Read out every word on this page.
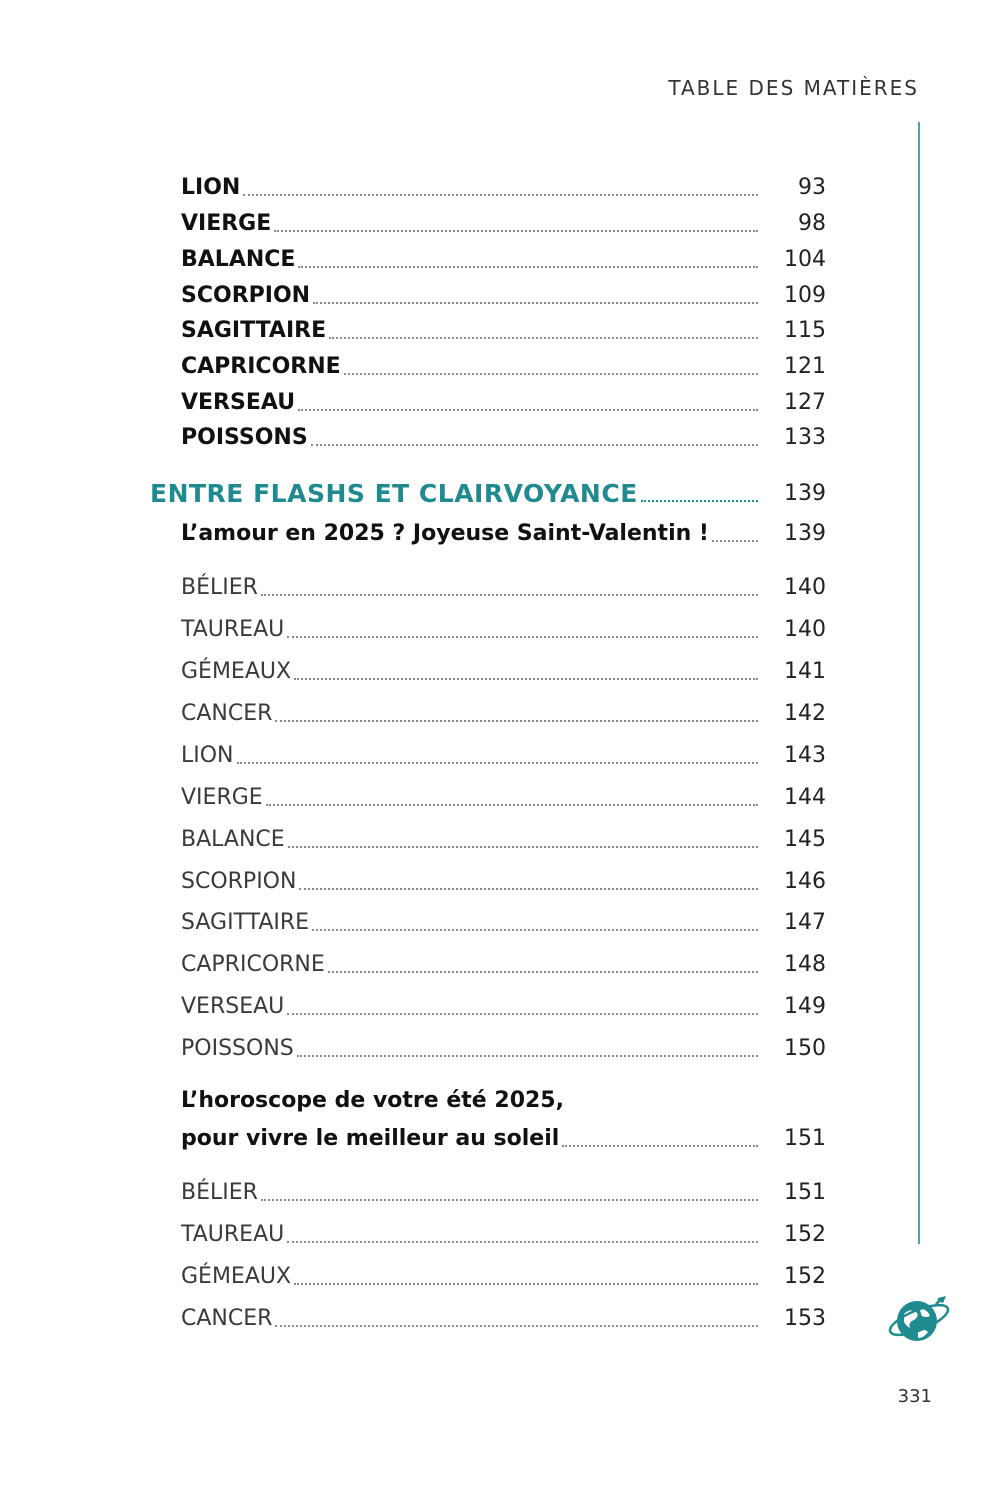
TABLE DES MATIÈRES
LION	93
VIERGE	98
BALANCE	104
SCORPION	109
SAGITTAIRE	115
CAPRICORNE	121
VERSEAU	127
POISSONS	133
ENTRE FLASHS ET CLAIRVOYANCE	139
L’amour en 2025 ? Joyeuse Saint-Valentin !	139
BÉLIER	140
TAUREAU	140
GÉMEAUX	141
CANCER	142
LION	143
VIERGE	144
BALANCE	145
SCORPION	146
SAGITTAIRE	147
CAPRICORNE	148
VERSEAU	149
POISSONS	150
L’horoscope de votre été 2025,
pour vivre le meilleur au soleil	151
BÉLIER	151
TAUREAU	152
GÉMEAUX	152
CANCER	153
331
